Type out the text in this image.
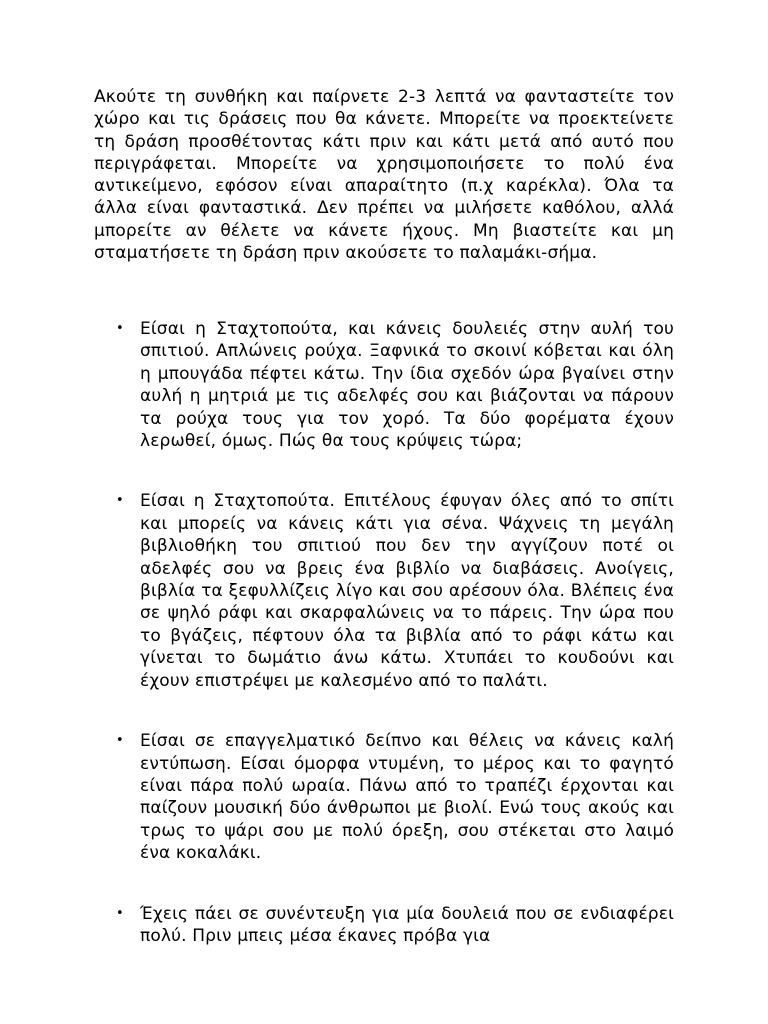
Ακούτε τη συνθήκη και παίρνετε 2-3 λεπτά να φανταστείτε τον χώρο και τις δράσεις που θα κάνετε. Μπορείτε να προεκτείνετε τη δράση προσθέτοντας κάτι πριν και κάτι μετά από αυτό που περιγράφεται. Μπορείτε να χρησιμοποιήσετε το πολύ ένα αντικείμενο, εφόσον είναι απαραίτητο (π.χ καρέκλα). Όλα τα άλλα είναι φανταστικά. Δεν πρέπει να μιλήσετε καθόλου, αλλά μπορείτε αν θέλετε να κάνετε ήχους. Μη βιαστείτε και μη σταματήσετε τη δράση πριν ακούσετε το παλαμάκι-σήμα.

• Είσαι η Σταχτοπούτα, και κάνεις δουλειές στην αυλή του σπιτιού. Απλώνεις ρούχα. Ξαφνικά το σκοινί κόβεται και όλη η μπουγάδα πέφτει κάτω. Την ίδια σχεδόν ώρα βγαίνει στην αυλή η μητριά με τις αδελφές σου και βιάζονται να πάρουν τα ρούχα τους για τον χορό. Τα δύο φορέματα έχουν λερωθεί, όμως. Πώς θα τους κρύψεις τώρα;
• Είσαι η Σταχτοπούτα. Επιτέλους έφυγαν όλες από το σπίτι και μπορείς να κάνεις κάτι για σένα. Ψάχνεις τη μεγάλη βιβλιοθήκη του σπιτιού που δεν την αγγίζουν ποτέ οι αδελφές σου να βρεις ένα βιβλίο να διαβάσεις. Ανοίγεις, βιβλία τα ξεφυλλίζεις λίγο και σου αρέσουν όλα. Βλέπεις ένα σε ψηλό ράφι και σκαρφαλώνεις να το πάρεις. Την ώρα που το βγάζεις, πέφτουν όλα τα βιβλία από το ράφι κάτω και γίνεται το δωμάτιο άνω κάτω. Χτυπάει το κουδούνι και έχουν επιστρέψει με καλεσμένο από το παλάτι.
• Είσαι σε επαγγελματικό δείπνο και θέλεις να κάνεις καλή εντύπωση. Είσαι όμορφα ντυμένη, το μέρος και το φαγητό είναι πάρα πολύ ωραία. Πάνω από το τραπέζι έρχονται και παίζουν μουσική δύο άνθρωποι με βιολί. Ενώ τους ακούς και τρως το ψάρι σου με πολύ όρεξη, σου στέκεται στο λαιμό ένα κοκαλάκι.
• Έχεις πάει σε συνέντευξη για μία δουλειά που σε ενδιαφέρει πολύ. Πριν μπεις μέσα έκανες πρόβα για
